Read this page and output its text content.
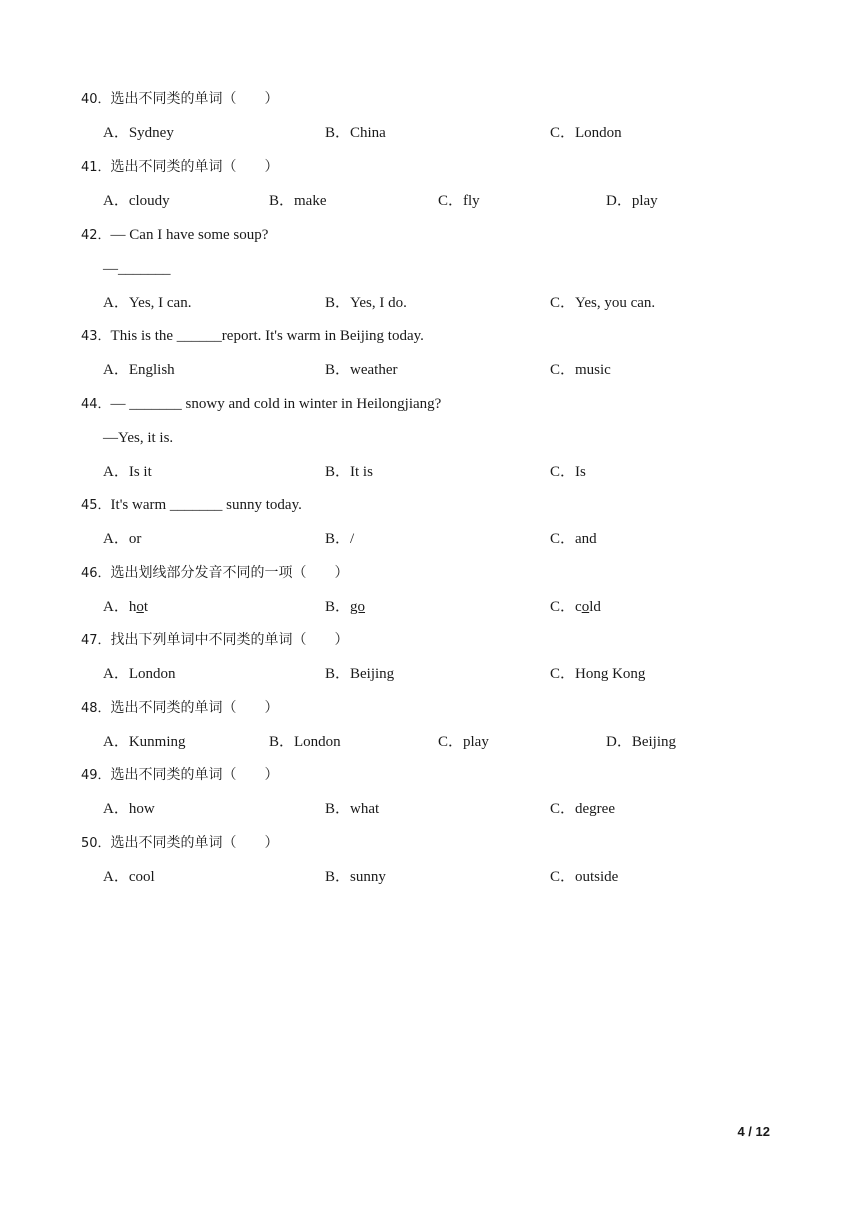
40．选出不同类的单词（　　）
A．Sydney	B．China	C．London
41．选出不同类的单词（　　）
A．cloudy	B．make	C．fly	D．play
42．— Can I have some soup?
—_______
A．Yes, I can.	B．Yes, I do.	C．Yes, you can.
43．This is the ______report. It's warm in Beijing today.
A．English	B．weather	C．music
44．— _______ snowy and cold in winter in Heilongjiang?
—Yes, it is.
A．Is it	B．It is	C．Is
45．It's warm _______ sunny today.
A．or	B．/	C．and
46．选出划线部分发音不同的一项（　　）
A．hot	B．go	C．cold
47．找出下列单词中不同类的单词（　　）
A．London	B．Beijing	C．Hong Kong
48．选出不同类的单词（　　）
A．Kunming	B．London	C．play	D．Beijing
49．选出不同类的单词（　　）
A．how	B．what	C．degree
50．选出不同类的单词（　　）
A．cool	B．sunny	C．outside
4 / 12
